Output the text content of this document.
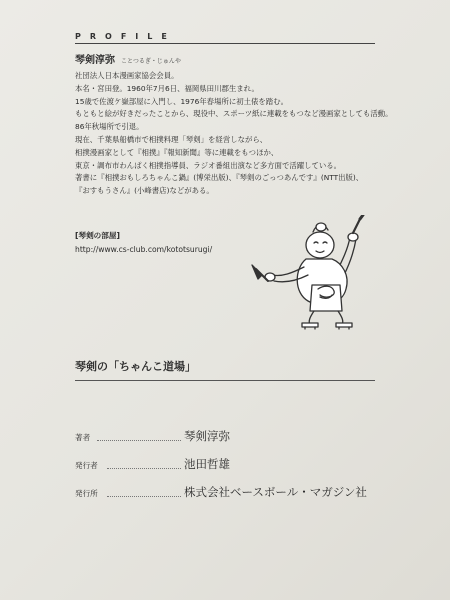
PROFILE
琴剣淳弥 ことつるぎ・じゅんや

社団法人日本漫画家協会会員。

本名・宮田登。1960年7月6日、福岡県田川郡生まれ。

15歳で佐渡ケ嶽部屋に入門し、1976年春場所に初土俵を踏む。

もともと絵が好きだったことから、現役中、スポーツ紙に連載をもつなど漫画家としても活動。

86年秋場所で引退。

現在、千葉県船橋市で相撲料理「琴剣」を経営しながら、

相撲漫画家として『相撲』『報知新聞』等に連載をもつほか、

東京・調布市わんぱく相撲指導員、ラジオ番組出演など多方面で活躍している。

著書に『相撲おもしろちゃんこ鍋』(博栄出版)、『琴剣のごっつあんです』(NTT出版)、

『おすもうさん』(小峰書店)などがある。

[琴剣の部屋]
http://www.cs-club.com/kototsurugi/
琴剣の「ちゃんこ道場」
著者	琴剣淳弥
発行者	池田哲雄
発行所	株式会社ベースボール・マガジン社
